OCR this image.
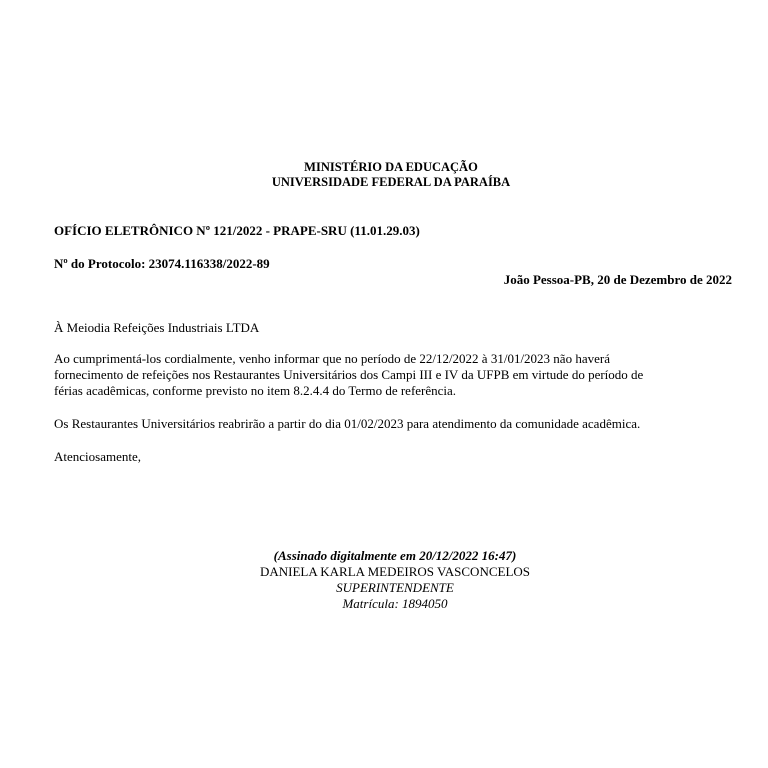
MINISTÉRIO DA EDUCAÇÃO
UNIVERSIDADE FEDERAL DA PARAÍBA
OFÍCIO ELETRÔNICO Nº 121/2022 - PRAPE-SRU (11.01.29.03)
Nº do Protocolo: 23074.116338/2022-89
João Pessoa-PB, 20 de Dezembro de 2022
À Meiodia Refeições Industriais LTDA
Ao cumprimentá-los cordialmente, venho informar que no período de 22/12/2022 à 31/01/2023 não haverá
fornecimento de refeições nos Restaurantes Universitários dos Campi III e IV da UFPB em virtude do período de
férias acadêmicas, conforme previsto no item 8.2.4.4 do Termo de referência.
Os Restaurantes Universitários reabrirão a partir do dia 01/02/2023 para atendimento da comunidade acadêmica.
Atenciosamente,
(Assinado digitalmente em 20/12/2022 16:47)
DANIELA KARLA MEDEIROS VASCONCELOS
SUPERINTENDENTE
Matrícula: 1894050
